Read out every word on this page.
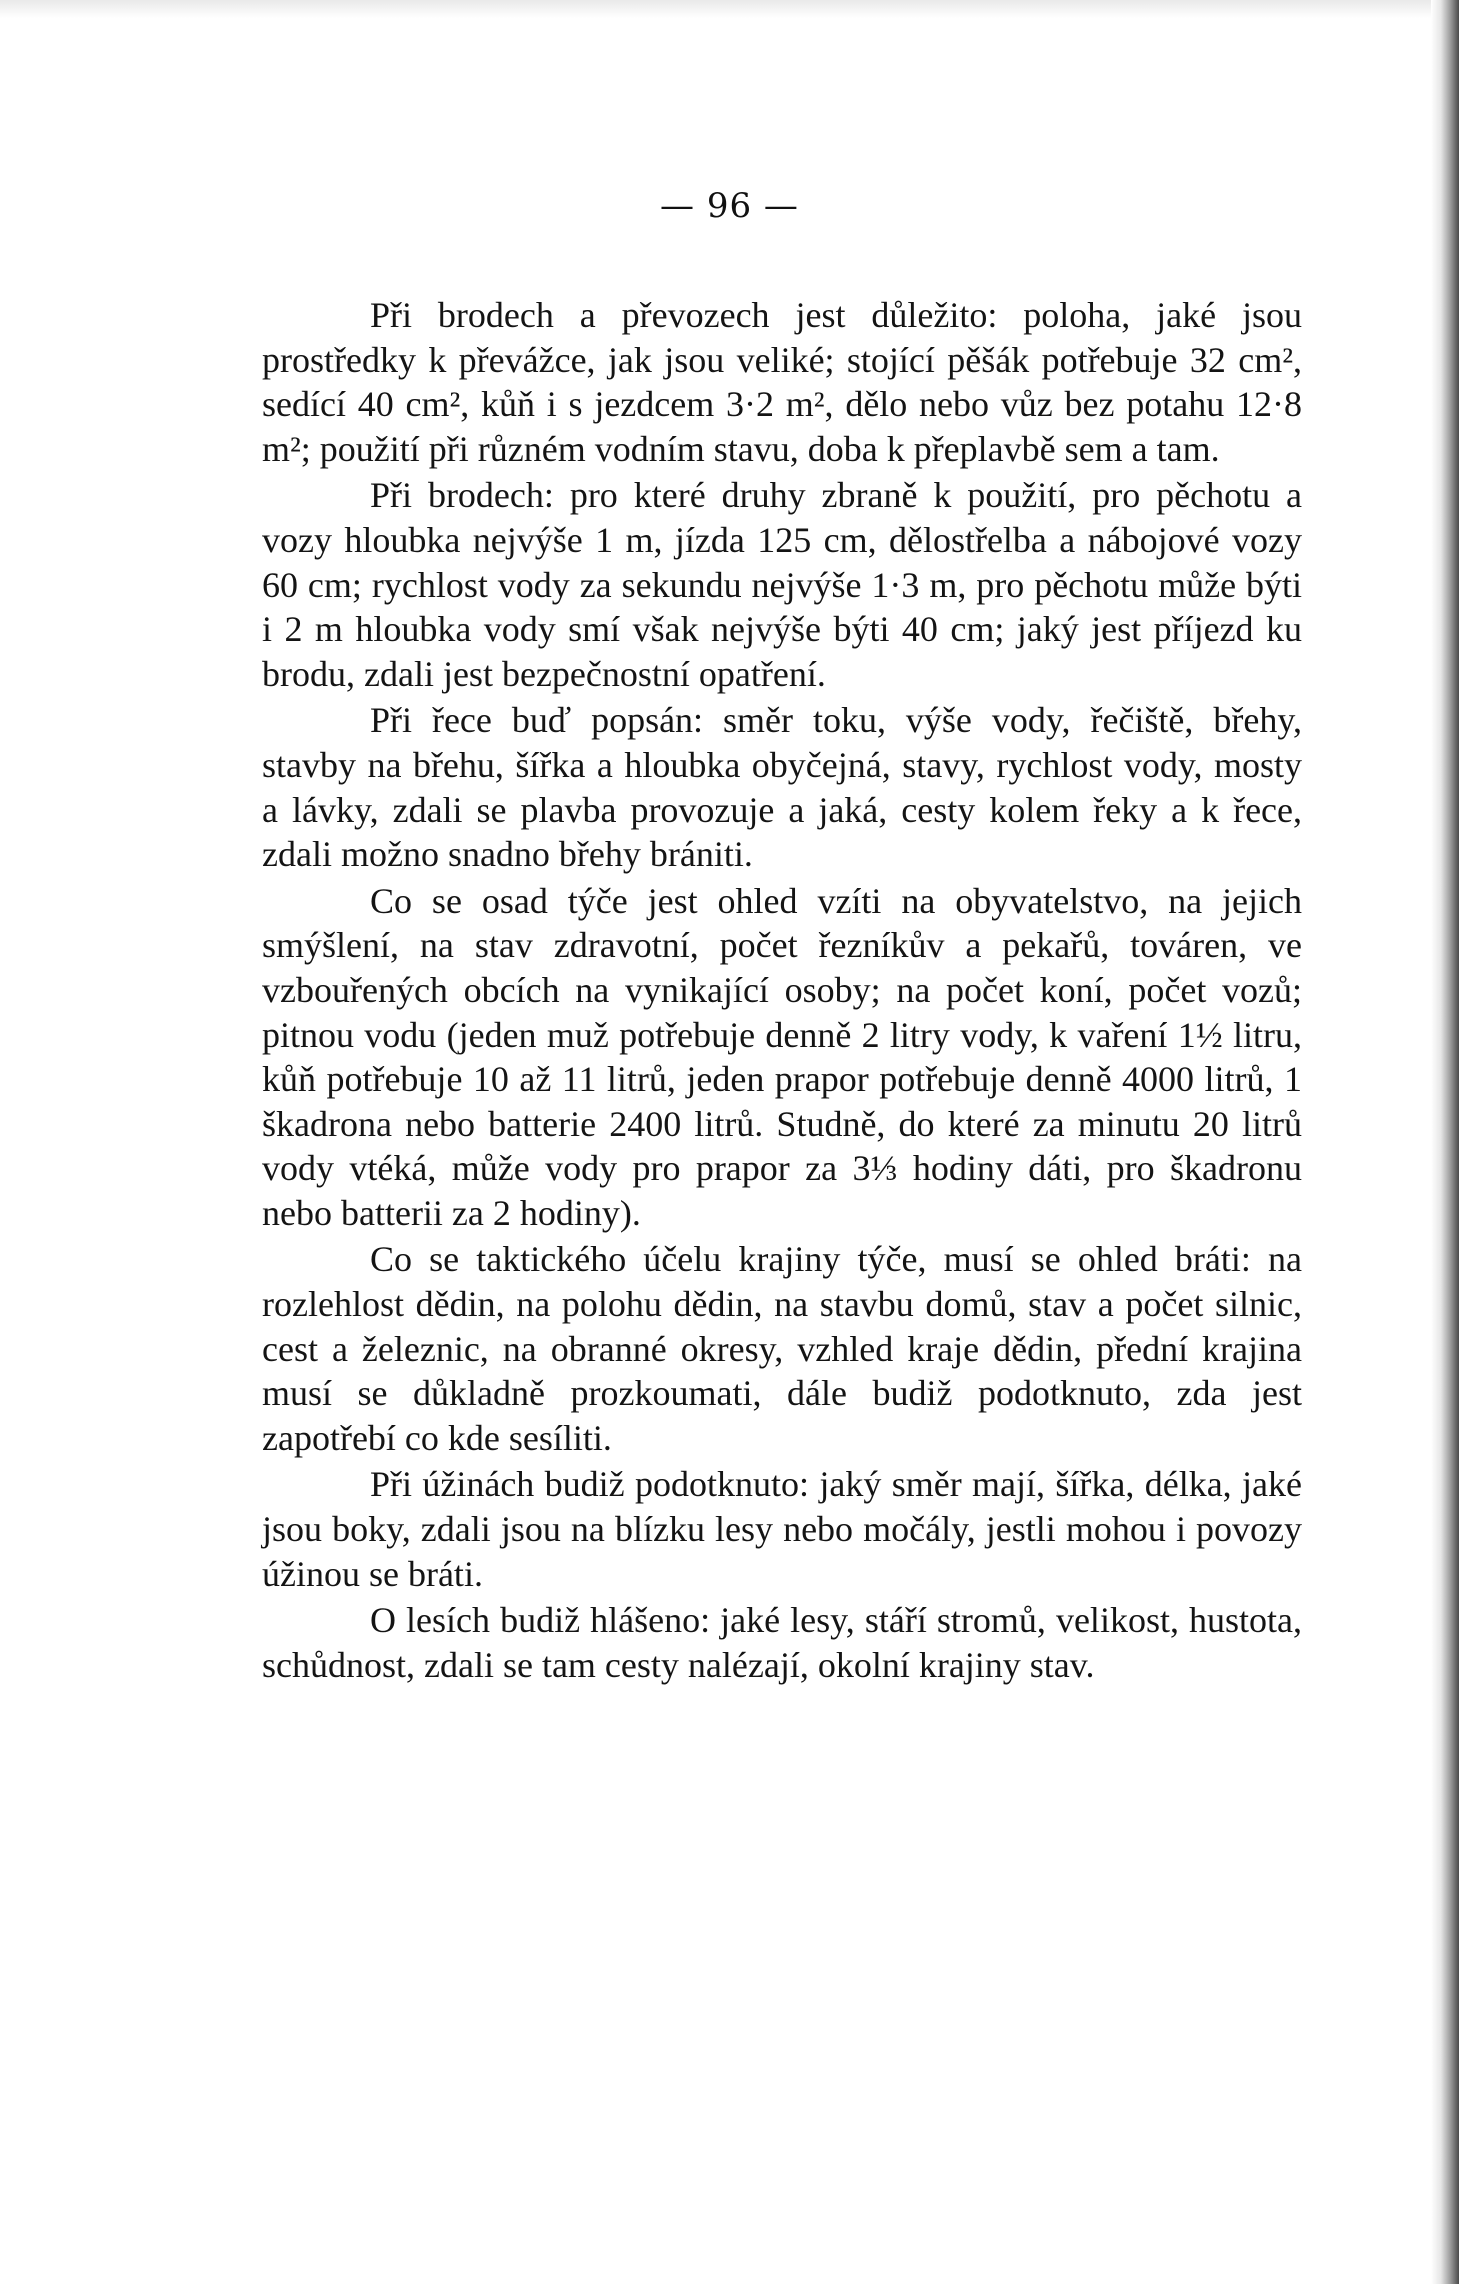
— 96 —

Při brodech a převozech jest důležito: poloha, jaké jsou prostředky k převážce, jak jsou veliké; stojící pěšák potřebuje 32 cm², sedící 40 cm², kůň i s jezdcem 3·2 m², dělo nebo vůz bez potahu 12·8 m²; použití při různém vodním stavu, doba k přeplavbě sem a tam.

Při brodech: pro které druhy zbraně k použití, pro pěchotu a vozy hloubka nejvýše 1 m, jízda 125 cm, dělostřelba a nábojové vozy 60 cm; rychlost vody za sekundu nejvýše 1·3 m, pro pěchotu může býti i 2 m hloubka vody smí však nejvýše býti 40 cm; jaký jest příjezd ku brodu, zdali jest bezpečnostní opatření.

Při řece buď popsán: směr toku, výše vody, řečiště, břehy, stavby na břehu, šířka a hloubka obyčejná, stavy, rychlost vody, mosty a lávky, zdali se plavba provozuje a jaká, cesty kolem řeky a k řece, zdali možno snadno břehy brániti.

Co se osad týče jest ohled vzíti na obyvatelstvo, na jejich smýšlení, na stav zdravotní, počet řezníkův a pekařů, továren, ve vzbouřených obcích na vynikající osoby; na počet koní, počet vozů; pitnou vodu (jeden muž potřebuje denně 2 litry vody, k vaření 1½ litru, kůň potřebuje 10 až 11 litrů, jeden prapor potřebuje denně 4000 litrů, 1 škadrona nebo batterie 2400 litrů. Studně, do které za minutu 20 litrů vody vtéká, může vody pro prapor za 3⅓ hodiny dáti, pro škadronu nebo batterii za 2 hodiny).

Co se taktického účelu krajiny týče, musí se ohled bráti: na rozlehlost dědin, na polohu dědin, na stavbu domů, stav a počet silnic, cest a železnic, na obranné okresy, vzhled kraje dědin, přední krajina musí se důkladně prozkoumati, dále budiž podotknuto, zda jest zapotřebí co kde sesíliti.

Při úžinách budiž podotknuto: jaký směr mají, šířka, délka, jaké jsou boky, zdali jsou na blízku lesy nebo močály, jestli mohou i povozy úžinou se bráti.

O lesích budiž hlášeno: jaké lesy, stáří stromů, velikost, hustota, schůdnost, zdali se tam cesty nalézají, okolní krajiny stav.
